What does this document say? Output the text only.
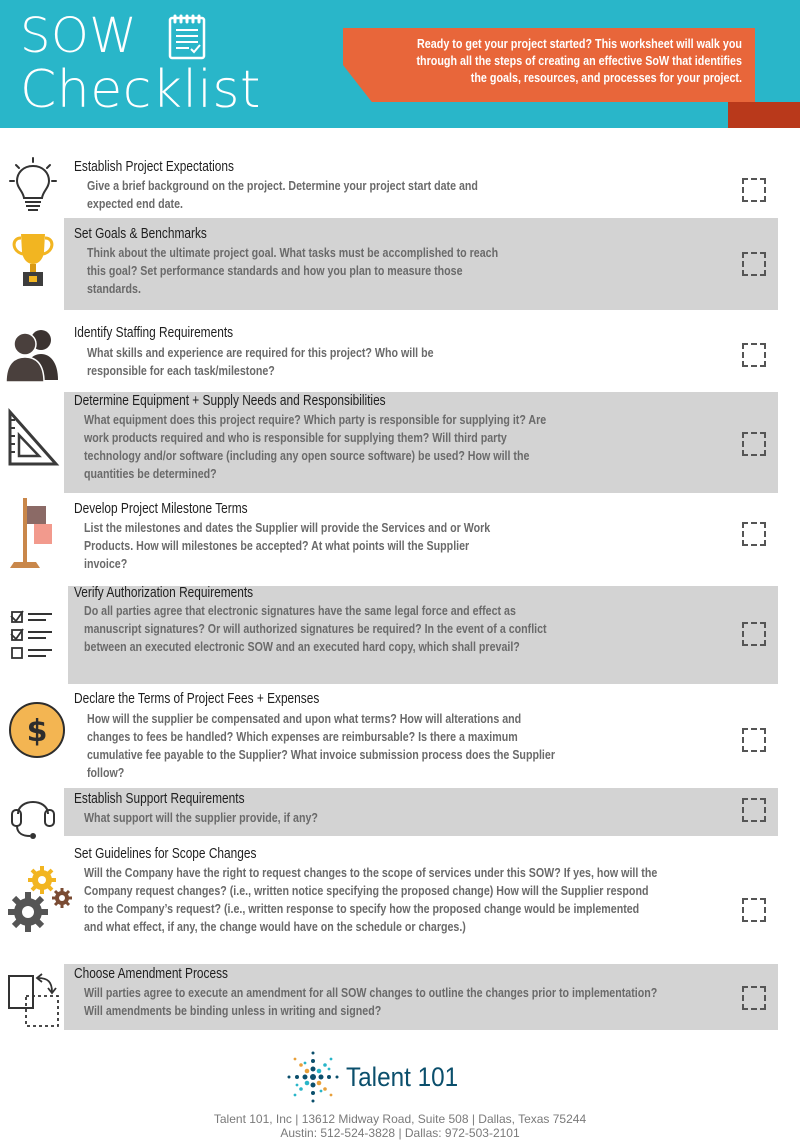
SOW
Checklist
Ready to get your project started? This worksheet will walk you through all the steps of creating an effective SoW that identifies the goals, resources, and processes for your project.
Establish Project Expectations
Give a brief background on the project. Determine your project start date and expected end date.
Set Goals & Benchmarks
Think about the ultimate project goal. What tasks must be accomplished to reach this goal? Set performance standards and how you plan to measure those standards.
Identify Staffing Requirements
What skills and experience are required for this project? Who will be responsible for each task/milestone?
Determine Equipment + Supply Needs and Responsibilities
What equipment does this project require? Which party is responsible for supplying it? Are work products required and who is responsible for supplying them? Will third party technology and/or software (including any open source software) be used? How will the quantities be determined?
Develop Project Milestone Terms
List the milestones and dates the Supplier will provide the Services and or Work Products. How will milestones be accepted? At what points will the Supplier invoice?
Verify Authorization Requirements
Do all parties agree that electronic signatures have the same legal force and effect as manuscript signatures? Or will authorized signatures be required? In the event of a conflict between an executed electronic SOW and an executed hard copy, which shall prevail?
$
Declare the Terms of Project Fees + Expenses
How will the supplier be compensated and upon what terms? How will alterations and changes to fees be handled? Which expenses are reimbursable? Is there a maximum cumulative fee payable to the Supplier? What invoice submission process does the Supplier follow?
Establish Support Requirements
What support will the supplier provide, if any?
Set Guidelines for Scope Changes
Will the Company have the right to request changes to the scope of services under this SOW? If yes, how will the Company request changes? (i.e., written notice specifying the proposed change) How will the Supplier respond to the Company’s request? (i.e., written response to specify how the proposed change would be implemented and what effect, if any, the change would have on the schedule or charges.)
Choose Amendment Process
Will parties agree to execute an amendment for all SOW changes to outline the changes prior to implementation? Will amendments be binding unless in writing and signed?
Talent 101
Talent 101, Inc | 13612 Midway Road, Suite 508 | Dallas, Texas 75244
Austin: 512-524-3828 | Dallas: 972-503-2101
